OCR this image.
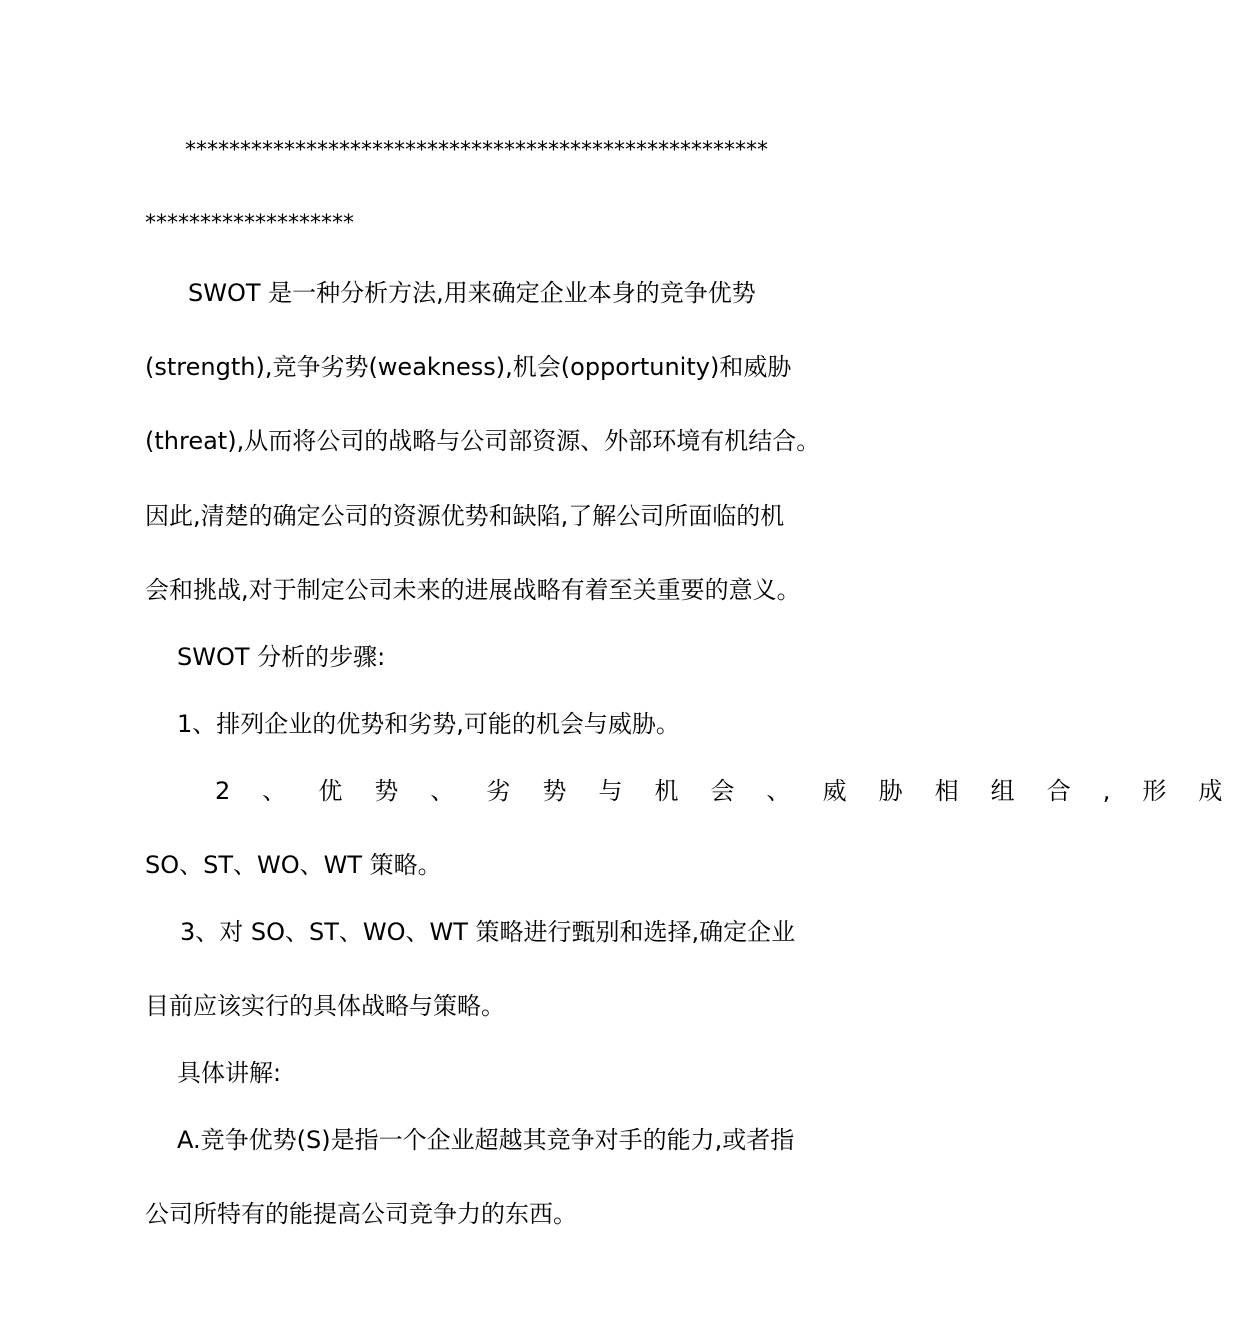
*****************************************************
*******************
SWOT 是一种分析方法,用来确定企业本身的竞争优势
(strength),竞争劣势(weakness),机会(opportunity)和威胁
(threat),从而将公司的战略与公司部资源、外部环境有机结合。
因此,清楚的确定公司的资源优势和缺陷,了解公司所面临的机
会和挑战,对于制定公司未来的进展战略有着至关重要的意义。
SWOT 分析的步骤:
1、排列企业的优势和劣势,可能的机会与威胁。
2 、 优 势 、 劣 势 与 机 会 、 威 胁 相 组 合 , 形 成
SO、ST、WO、WT 策略。
3、对 SO、ST、WO、WT 策略进行甄别和选择,确定企业
目前应该实行的具体战略与策略。
具体讲解:
A.竞争优势(S)是指一个企业超越其竞争对手的能力,或者指
公司所特有的能提高公司竞争力的东西。
